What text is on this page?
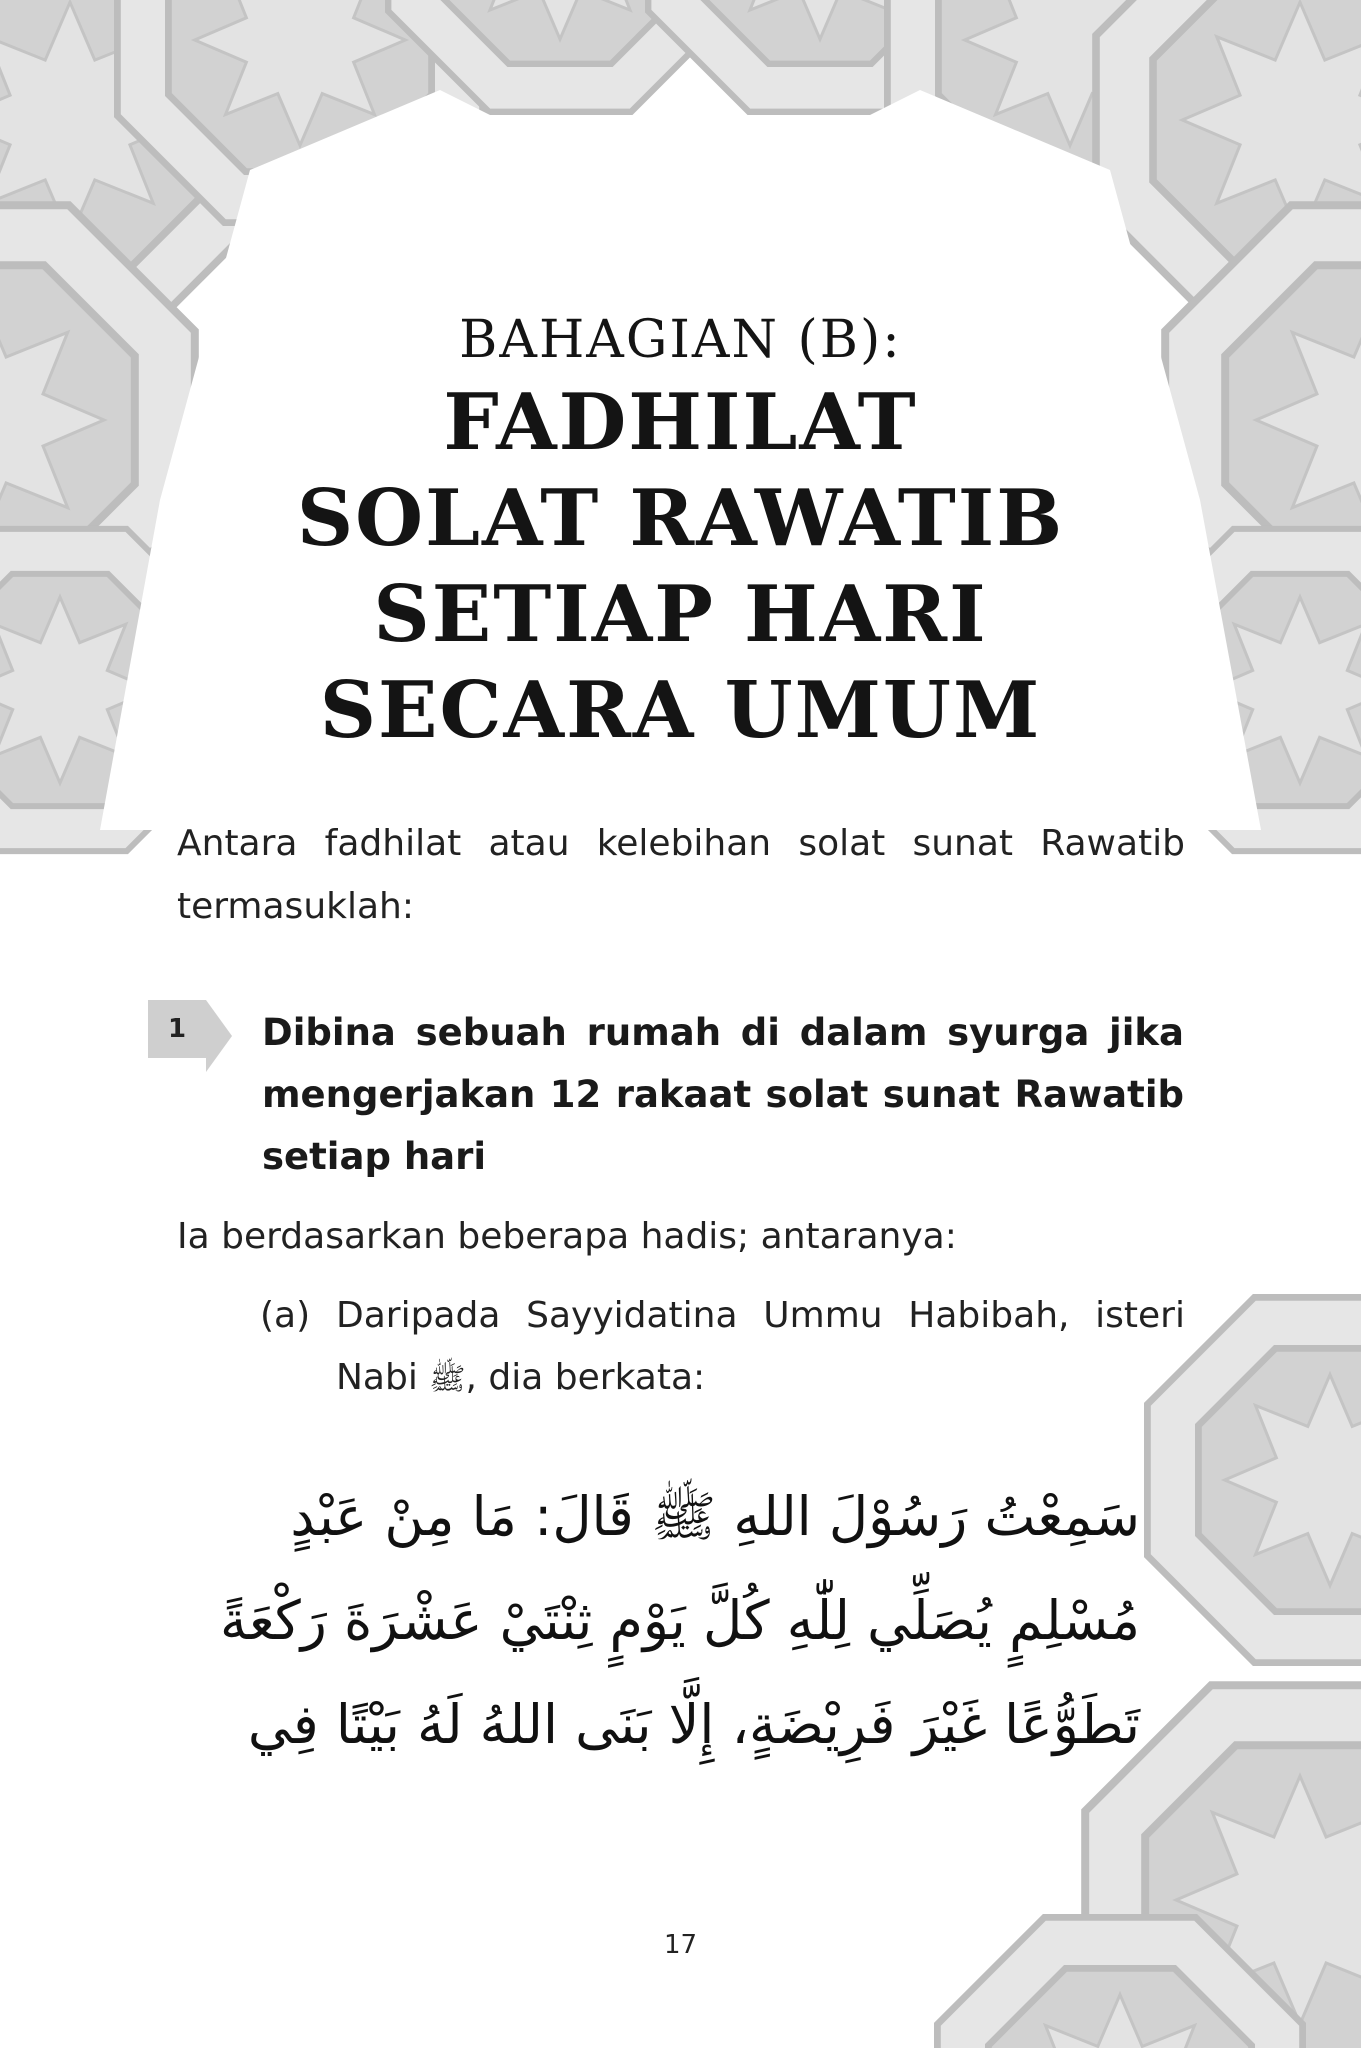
BAHAGIAN (B):
FADHILAT
SOLAT RAWATIB
SETIAP HARI
SECARA UMUM
Antara fadhilat atau kelebihan solat sunat Rawatib termasuklah:
1 Dibina sebuah rumah di dalam syurga jika mengerjakan 12 rakaat solat sunat Rawatib setiap hari
Ia berdasarkan beberapa hadis; antaranya:
(a) Daripada Sayyidatina Ummu Habibah, isteri Nabi ﷺ, dia berkata:
سَمِعْتُ رَسُوْلَ اللهِ ﷺ قَالَ: مَا مِنْ عَبْدٍ
مُسْلِمٍ يُصَلِّي لِلّٰهِ كُلَّ يَوْمٍ ثِنْتَيْ عَشْرَةَ رَكْعَةً
تَطَوُّعًا غَيْرَ فَرِيْضَةٍ، إِلَّا بَنَى اللهُ لَهُ بَيْتًا فِي
17
